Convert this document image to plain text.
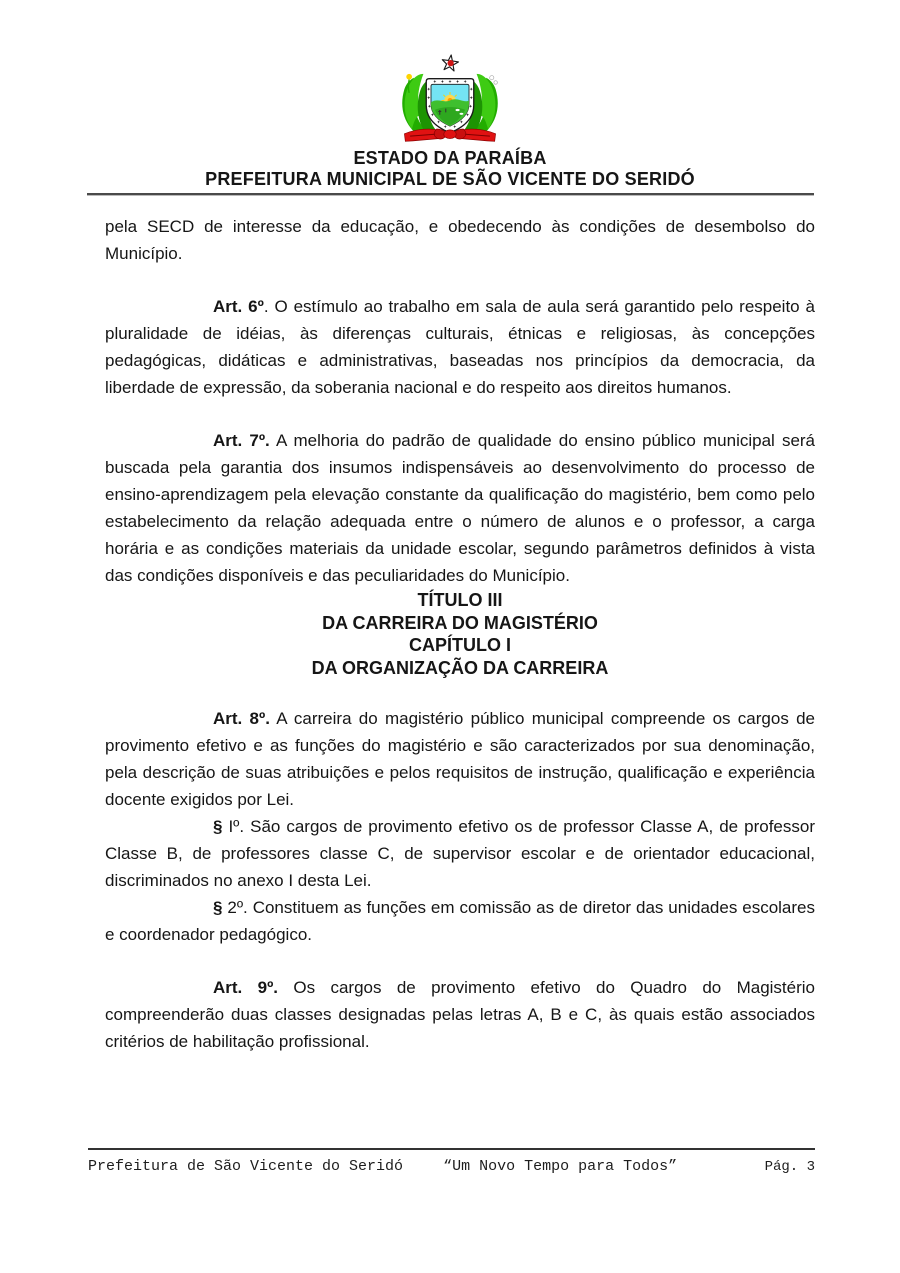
ESTADO DA PARAÍBA
PREFEITURA MUNICIPAL DE SÃO VICENTE DO SERIDÓ

pela SECD de interesse da educação, e obedecendo às condições de desembolso do Município.

Art. 6º. O estímulo ao trabalho em sala de aula será garantido pelo respeito à pluralidade de idéias, às diferenças culturais, étnicas e religiosas, às concepções pedagógicas, didáticas e administrativas, baseadas nos princípios da democracia, da liberdade de expressão, da soberania nacional e do respeito aos direitos humanos.

Art. 7º. A melhoria do padrão de qualidade do ensino público municipal será buscada pela garantia dos insumos indispensáveis ao desenvolvimento do processo de ensino-aprendizagem pela elevação constante da qualificação do magistério, bem como pelo estabelecimento da relação adequada entre o número de alunos e o professor, a carga horária e as condições materiais da unidade escolar, segundo parâmetros definidos à vista das condições disponíveis e das peculiaridades do Município.

TÍTULO III
DA CARREIRA DO MAGISTÉRIO
CAPÍTULO I
DA ORGANIZAÇÃO DA CARREIRA

Art. 8º. A carreira do magistério público municipal compreende os cargos de provimento efetivo e as funções do magistério e são caracterizados por sua denominação, pela descrição de suas atribuições e pelos requisitos de instrução, qualificação e experiência docente exigidos por Lei.

§ Iº. São cargos de provimento efetivo os de professor Classe A, de professor Classe B, de professores classe C, de supervisor escolar e de orientador educacional, discriminados no anexo I desta Lei.

§ 2º. Constituem as funções em comissão as de diretor das unidades escolares e coordenador pedagógico.

Art. 9º. Os cargos de provimento efetivo do Quadro do Magistério compreenderão duas classes designadas pelas letras A, B e C, às quais estão associados critérios de habilitação profissional.

Prefeitura de São Vicente do Seridó	“Um Novo Tempo para Todos”	Pág. 3
